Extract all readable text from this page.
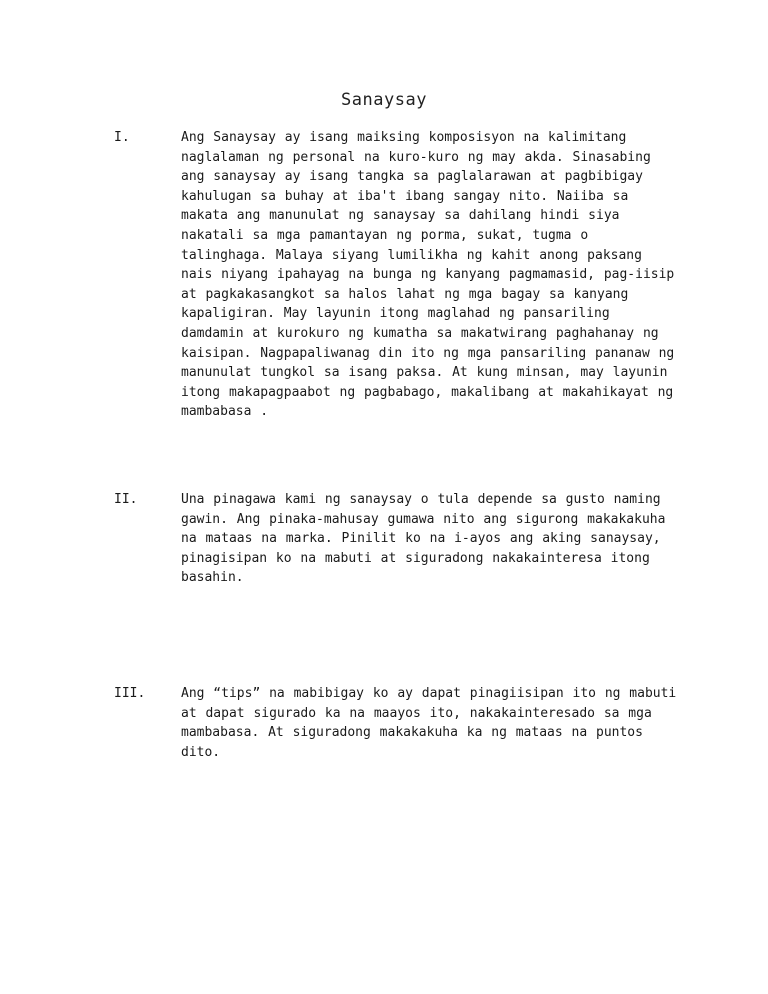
Sanaysay
I.	Ang Sanaysay ay isang maiksing komposisyon na kalimitang naglalaman ng personal na kuro-kuro ng may akda. Sinasabing ang sanaysay ay isang tangka sa paglalarawan at pagbibigay kahulugan sa buhay at iba't ibang sangay nito. Naiiba sa makata ang manunulat ng sanaysay sa dahilang hindi siya nakatali sa mga pamantayan ng porma, sukat, tugma o talinghaga. Malaya siyang lumilikha ng kahit anong paksang nais niyang ipahayag na bunga ng kanyang pagmamasid, pag-iisip at pagkakasangkot sa halos lahat ng mga bagay sa kanyang kapaligiran. May layunin itong maglahad ng pansariling damdamin at kurokuro ng kumatha sa makatwirang paghahanay ng kaisipan. Nagpapaliwanag din ito ng mga pansariling pananaw ng manunulat tungkol sa isang paksa. At kung minsan, may layunin itong makapagpaabot ng pagbabago, makalibang at makahikayat ng mambabasa .
II.	Una pinagawa kami ng sanaysay o tula depende sa gusto naming gawin. Ang pinaka-mahusay gumawa nito ang sigurong makakakuha na mataas na marka. Pinilit ko na i-ayos ang aking sanaysay, pinagisipan ko na mabuti at siguradong nakakainteresa itong basahin.
III.	Ang “tips” na mabibigay ko ay dapat pinagiisipan ito ng mabuti at dapat sigurado ka na maayos ito, nakakainteresado sa mga mambabasa. At siguradong makakakuha ka ng mataas na puntos dito.
